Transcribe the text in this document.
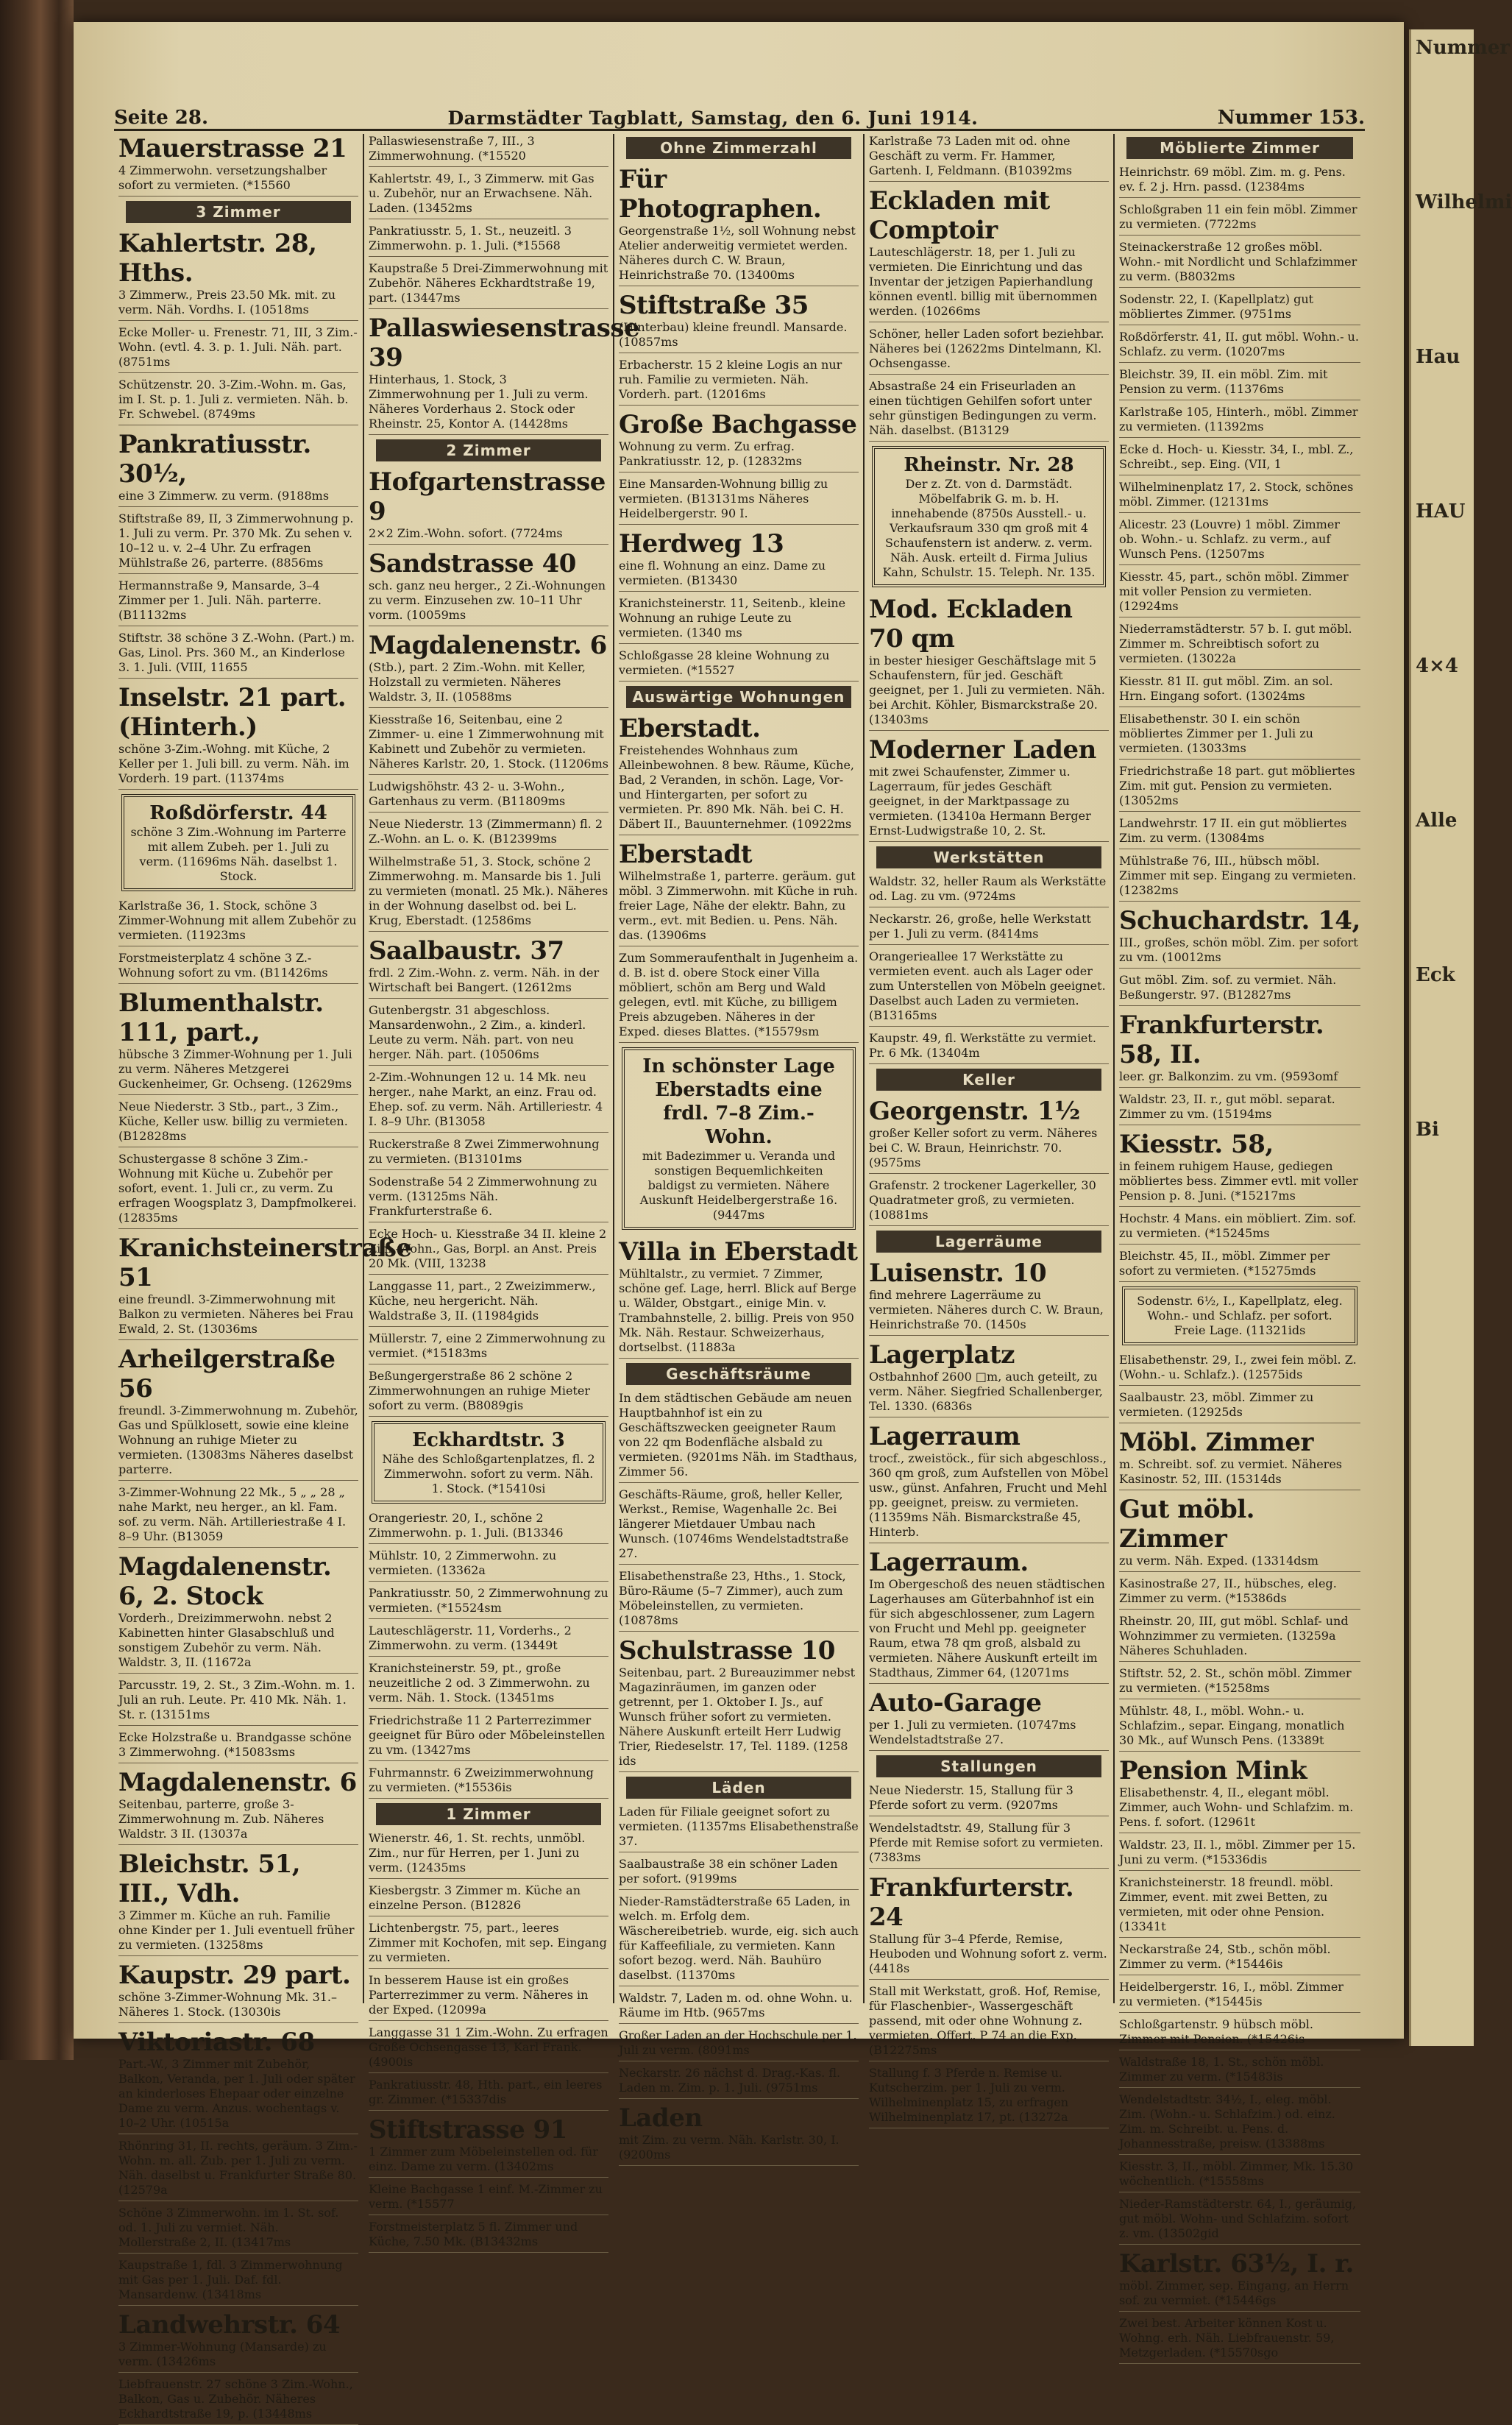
Nummer
Wilhelmi
Hau
HAU
4×4
Alle
Eck
Bi
Seite 28.	Darmstädter Tagblatt, Samstag, den 6. Juni 1914.	Nummer 153.
Mauerstrasse 21
4 Zimmerwohn. versetzungshalber sofort zu vermieten. (*15560
3 Zimmer
Kahlertstr. 28, Hths.
3 Zimmerw., Preis 23.50 Mk. mit. zu verm. Näh. Vordhs. I. (10518ms
Ecke Moller- u. Frenestr. 71, III, 3 Zim.-Wohn. (evtl. 4. 3. p. 1. Juli. Näh. part. (8751ms
Schützenstr. 20. 3-Zim.-Wohn. m. Gas, im I. St. p. 1. Juli z. vermieten. Näh. b. Fr. Schwebel. (8749ms
Pankratiusstr. 30½,
eine 3 Zimmerw. zu verm. (9188ms
Stiftstraße 89, II, 3 Zimmerwohnung p. 1. Juli zu verm. Pr. 370 Mk. Zu sehen v. 10–12 u. v. 2–4 Uhr. Zu erfragen Mühlstraße 26, parterre. (8856ms
Hermannstraße 9, Mansarde, 3–4 Zimmer per 1. Juli. Näh. parterre. (B11132ms
Stiftstr. 38 schöne 3 Z.-Wohn. (Part.) m. Gas, Linol. Prs. 360 M., an Kinderlose 3. 1. Juli. (VIII, 11655
Inselstr. 21 part. (Hinterh.)
schöne 3-Zim.-Wohng. mit Küche, 2 Keller per 1. Juli bill. zu verm. Näh. im Vorderh. 19 part. (11374ms
Roßdörferstr. 44
schöne 3 Zim.-Wohnung im Parterre mit allem Zubeh. per 1. Juli zu verm. (11696ms Näh. daselbst 1. Stock.
Karlstraße 36, 1. Stock, schöne 3 Zimmer-Wohnung mit allem Zubehör zu vermieten. (11923ms
Forstmeisterplatz 4 schöne 3 Z.-Wohnung sofort zu vm. (B11426ms
Blumenthalstr. 111, part.,
hübsche 3 Zimmer-Wohnung per 1. Juli zu verm. Näheres Metzgerei Guckenheimer, Gr. Ochseng. (12629ms
Neue Niederstr. 3 Stb., part., 3 Zim., Küche, Keller usw. billig zu vermieten. (B12828ms
Schustergasse 8 schöne 3 Zim.-Wohnung mit Küche u. Zubehör per sofort, event. 1. Juli cr., zu verm. Zu erfragen Woogsplatz 3, Dampfmolkerei. (12835ms
Kranichsteinerstraße 51
eine freundl. 3-Zimmerwohnung mit Balkon zu vermieten. Näheres bei Frau Ewald, 2. St. (13036ms
Arheilgerstraße 56
freundl. 3-Zimmerwohnung m. Zubehör, Gas und Spülklosett, sowie eine kleine Wohnung an ruhige Mieter zu vermieten. (13083ms Näheres daselbst parterre.
3-Zimmer-Wohnung 22 Mk., 5 „ „ 28 „ nahe Markt, neu herger., an kl. Fam. sof. zu verm. Näh. Artilleriestraße 4 I. 8–9 Uhr. (B13059
Magdalenenstr. 6, 2. Stock
Vorderh., Dreizimmerwohn. nebst 2 Kabinetten hinter Glasabschluß und sonstigem Zubehör zu verm. Näh. Waldstr. 3, II. (11672a
Parcusstr. 19, 2. St., 3 Zim.-Wohn. m. 1. Juli an ruh. Leute. Pr. 410 Mk. Näh. 1. St. r. (13151ms
Ecke Holzstraße u. Brandgasse schöne 3 Zimmerwohng. (*15083sms
Magdalenenstr. 6
Seitenbau, parterre, große 3-Zimmerwohnung m. Zub. Näheres Waldstr. 3 II. (13037a
Bleichstr. 51, III., Vdh.
3 Zimmer m. Küche an ruh. Familie ohne Kinder per 1. Juli eventuell früher zu vermieten. (13258ms
Kaupstr. 29 part.
schöne 3-Zimmer-Wohnung Mk. 31.– Näheres 1. Stock. (13030is
Viktoriastr. 68
Part.-W., 3 Zimmer mit Zubehör, Balkon, Veranda, per 1. Juli oder später an kinderloses Ehepaar oder einzelne Dame zu verm. Anzus. wochentags v. 10–2 Uhr. (10515a
Rhönring 31, II. rechts, geräum. 3 Zim.-Wohn. m. all. Zub. per 1. Juli zu verm. Näh. daselbst u. Frankfurter Straße 80. (12579a
Schöne 3 Zimmerwohn. im 1. St. sof. od. 1. Juli zu vermiet. Näh. Mollerstraße 2, II. (13417ms
Kaupstraße 1, fdl. 3 Zimmerwohnung mit Gas per 1. Juli. Daf. fdl. Mansardenw. (13418ms
Landwehrstr. 64
3 Zimmer-Wohnung (Mansarde) zu verm. (13426ms
Liebfrauenstr. 27 schöne 3 Zim.-Wohn., Balkon, Gas u. Zubehör. Näheres Eckhardtstraße 19, p. (13448ms
Pallaswiesenstraße 7, III., 3 Zimmerwohnung. (*15520
Kahlertstr. 49, I., 3 Zimmerw. mit Gas u. Zubehör, nur an Erwachsene. Näh. Laden. (13452ms
Pankratiusstr. 5, 1. St., neuzeitl. 3 Zimmerwohn. p. 1. Juli. (*15568
Kaupstraße 5 Drei-Zimmerwohnung mit Zubehör. Näheres Eckhardtstraße 19, part. (13447ms
Pallaswiesenstrasse 39
Hinterhaus, 1. Stock, 3 Zimmerwohnung per 1. Juli zu verm. Näheres Vorderhaus 2. Stock oder Rheinstr. 25, Kontor A. (14428ms
2 Zimmer
Hofgartenstrasse 9
2×2 Zim.-Wohn. sofort. (7724ms
Sandstrasse 40
sch. ganz neu herger., 2 Zi.-Wohnungen zu verm. Einzusehen zw. 10–11 Uhr vorm. (10059ms
Magdalenenstr. 6
(Stb.), part. 2 Zim.-Wohn. mit Keller, Holzstall zu vermieten. Näheres Waldstr. 3, II. (10588ms
Kiesstraße 16, Seitenbau, eine 2 Zimmer- u. eine 1 Zimmerwohnung mit Kabinett und Zubehör zu vermieten. Näheres Karlstr. 20, 1. Stock. (11206ms
Ludwigshöhstr. 43 2- u. 3-Wohn., Gartenhaus zu verm. (B11809ms
Neue Niederstr. 13 (Zimmermann) fl. 2 Z.-Wohn. an L. o. K. (B12399ms
Wilhelmstraße 51, 3. Stock, schöne 2 Zimmerwohng. m. Mansarde bis 1. Juli zu vermieten (monatl. 25 Mk.). Näheres in der Wohnung daselbst od. bei L. Krug, Eberstadt. (12586ms
Saalbaustr. 37
frdl. 2 Zim.-Wohn. z. verm. Näh. in der Wirtschaft bei Bangert. (12612ms
Gutenbergstr. 31 abgeschloss. Mansardenwohn., 2 Zim., a. kinderl. Leute zu verm. Näh. part. von neu herger. Näh. part. (10506ms
2-Zim.-Wohnungen 12 u. 14 Mk. neu herger., nahe Markt, an einz. Frau od. Ehep. sof. zu verm. Näh. Artilleriestr. 4 I. 8–9 Uhr. (B13058
Ruckerstraße 8 Zwei Zimmerwohnung zu vermieten. (B13101ms
Sodenstraße 54 2 Zimmerwohnung zu verm. (13125ms Näh. Frankfurterstraße 6.
Ecke Hoch- u. Kiesstraße 34 II. kleine 2 Zim.-Wohn., Gas, Borpl. an Anst. Preis 20 Mk. (VIII, 13238
Langgasse 11, part., 2 Zweizimmerw., Küche, neu hergericht. Näh. Waldstraße 3, II. (11984gids
Müllerstr. 7, eine 2 Zimmerwohnung zu vermiet. (*15183ms
Beßungergerstraße 86 2 schöne 2 Zimmerwohnungen an ruhige Mieter sofort zu verm. (B8089gis
Eckhardtstr. 3
Nähe des Schloßgartenplatzes, fl. 2 Zimmerwohn. sofort zu verm. Näh. 1. Stock. (*15410si
Orangeriestr. 20, I., schöne 2 Zimmerwohn. p. 1. Juli. (B13346
Mühlstr. 10, 2 Zimmerwohn. zu vermieten. (13362a
Pankratiusstr. 50, 2 Zimmerwohnung zu vermieten. (*15524sm
Lauteschlägerstr. 11, Vorderhs., 2 Zimmerwohn. zu verm. (13449t
Kranichsteinerstr. 59, pt., große neuzeitliche 2 od. 3 Zimmerwohn. zu verm. Näh. 1. Stock. (13451ms
Friedrichstraße 11 2 Parterrezimmer geeignet für Büro oder Möbeleinstellen zu vm. (13427ms
Fuhrmannstr. 6 Zweizimmerwohnung zu vermieten. (*15536is
1 Zimmer
Wienerstr. 46, 1. St. rechts, unmöbl. Zim., nur für Herren, per 1. Juni zu verm. (12435ms
Kiesbergstr. 3 Zimmer m. Küche an einzelne Person. (B12826
Lichtenbergstr. 75, part., leeres Zimmer mit Kochofen, mit sep. Eingang zu vermieten.
In besserem Hause ist ein großes Parterrezimmer zu verm. Näheres in der Exped. (12099a
Langgasse 31 1 Zim.-Wohn. Zu erfragen Große Ochsengasse 13, Karl Frank. (4900is
Pankratiusstr. 48, Hth. part., ein leeres gr. Zimmer. (*15337dis
Stiftstrasse 91
1 Zimmer zum Möbeleinstellen od. für einz. Dame zu verm. (13402ms
Kleine Bachgasse 1 einf. M.-Zimmer zu verm. (*15577
Forstmeisterplatz 5 fl. Zimmer und Küche, 7.50 Mk. (B13432ms
Ohne Zimmerzahl
Für Photographen.
Georgenstraße 1½, soll Wohnung nebst Atelier anderweitig vermietet werden. Näheres durch C. W. Braun, Heinrichstraße 70. (13400ms
Stiftstraße 35
(Hinterbau) kleine freundl. Mansarde. (10857ms
Erbacherstr. 15 2 kleine Logis an nur ruh. Familie zu vermieten. Näh. Vorderh. part. (12016ms
Große Bachgasse
Wohnung zu verm. Zu erfrag. Pankratiusstr. 12, p. (12832ms
Eine Mansarden-Wohnung billig zu vermieten. (B13131ms Näheres Heidelbergerstr. 90 I.
Herdweg 13
eine fl. Wohnung an einz. Dame zu vermieten. (B13430
Kranichsteinerstr. 11, Seitenb., kleine Wohnung an ruhige Leute zu vermieten. (1340 ms
Schloßgasse 28 kleine Wohnung zu vermieten. (*15527
Auswärtige Wohnungen
Eberstadt.
Freistehendes Wohnhaus zum Alleinbewohnen. 8 bew. Räume, Küche, Bad, 2 Veranden, in schön. Lage, Vor- und Hintergarten, per sofort zu vermieten. Pr. 890 Mk. Näh. bei C. H. Däbert II., Bauunternehmer. (10922ms
Eberstadt
Wilhelmstraße 1, parterre. geräum. gut möbl. 3 Zimmerwohn. mit Küche in ruh. freier Lage, Nähe der elektr. Bahn, zu verm., evt. mit Bedien. u. Pens. Näh. das. (13906ms
Zum Sommeraufenthalt in Jugenheim a. d. B. ist d. obere Stock einer Villa möbliert, schön am Berg und Wald gelegen, evtl. mit Küche, zu billigem Preis abzugeben. Näheres in der Exped. dieses Blattes. (*15579sm
In schönster Lage Eberstadts eine frdl. 7–8 Zim.-Wohn.
mit Badezimmer u. Veranda und sonstigen Bequemlichkeiten baldigst zu vermieten. Nähere Auskunft Heidelbergerstraße 16. (9447ms
Villa in Eberstadt
Mühltalstr., zu vermiet. 7 Zimmer, schöne gef. Lage, herrl. Blick auf Berge u. Wälder, Obstgart., einige Min. v. Trambahnstelle, 2. billig. Preis von 950 Mk. Näh. Restaur. Schweizerhaus, dortselbst. (11883a
Geschäftsräume
In dem städtischen Gebäude am neuen Hauptbahnhof ist ein zu Geschäftszwecken geeigneter Raum von 22 qm Bodenfläche alsbald zu vermieten. (9201ms Näh. im Stadthaus, Zimmer 56.
Geschäfts-Räume, groß, heller Keller, Werkst., Remise, Wagenhalle 2c. Bei längerer Mietdauer Umbau nach Wunsch. (10746ms Wendelstadtstraße 27.
Elisabethenstraße 23, Hths., 1. Stock, Büro-Räume (5–7 Zimmer), auch zum Möbeleinstellen, zu vermieten. (10878ms
Schulstrasse 10
Seitenbau, part. 2 Bureauzimmer nebst Magazinräumen, im ganzen oder getrennt, per 1. Oktober I. Js., auf Wunsch früher sofort zu vermieten. Nähere Auskunft erteilt Herr Ludwig Trier, Riedeselstr. 17, Tel. 1189. (1258 ids
Läden
Laden für Filiale geeignet sofort zu vermieten. (11357ms Elisabethenstraße 37.
Saalbaustraße 38 ein schöner Laden per sofort. (9199ms
Nieder-Ramstädterstraße 65 Laden, in welch. m. Erfolg dem. Wäschereibetrieb. wurde, eig. sich auch für Kaffeefiliale, zu vermieten. Kann sofort bezog. werd. Näh. Bauhüro daselbst. (11370ms
Waldstr. 7, Laden m. od. ohne Wohn. u. Räume im Htb. (9657ms
Großer Laden an der Hochschule per 1. Juli zu verm. (8091ms
Neckarstr. 26 nächst d. Drag.-Kas. fl. Laden m. Zim. p. 1. Juli. (9751ms
Laden
mit Zim. zu verm. Näh. Karlstr. 30, I. (9200ms
Karlstraße 73 Laden mit od. ohne Geschäft zu verm. Fr. Hammer, Gartenh. I, Feldmann. (B10392ms
Eckladen mit Comptoir
Lauteschlägerstr. 18, per 1. Juli zu vermieten. Die Einrichtung und das Inventar der jetzigen Papierhandlung können eventl. billig mit übernommen werden. (10266ms
Schöner, heller Laden sofort beziehbar. Näheres bei (12622ms Dintelmann, Kl. Ochsengasse.
Absastraße 24 ein Friseurladen an einen tüchtigen Gehilfen sofort unter sehr günstigen Bedingungen zu verm. Näh. daselbst. (B13129
Rheinstr. Nr. 28
Der z. Zt. von d. Darmstädt. Möbelfabrik G. m. b. H. innehabende (8750s Ausstell.- u. Verkaufsraum 330 qm groß mit 4 Schaufenstern ist anderw. z. verm. Näh. Ausk. erteilt d. Firma Julius Kahn, Schulstr. 15. Teleph. Nr. 135.
Mod. Eckladen 70 qm
in bester hiesiger Geschäftslage mit 5 Schaufenstern, für jed. Geschäft geeignet, per 1. Juli zu vermieten. Näh. bei Archit. Köhler, Bismarckstraße 20. (13403ms
Moderner Laden
mit zwei Schaufenster, Zimmer u. Lagerraum, für jedes Geschäft geeignet, in der Marktpassage zu vermieten. (13410a Hermann Berger Ernst-Ludwigstraße 10, 2. St.
Werkstätten
Waldstr. 32, heller Raum als Werkstätte od. Lag. zu vm. (9724ms
Neckarstr. 26, große, helle Werkstatt per 1. Juli zu verm. (8414ms
Orangerieallee 17 Werkstätte zu vermieten event. auch als Lager oder zum Unterstellen von Möbeln geeignet. Daselbst auch Laden zu vermieten. (B13165ms
Kaupstr. 49, fl. Werkstätte zu vermiet. Pr. 6 Mk. (13404m
Keller
Georgenstr. 1½
großer Keller sofort zu verm. Näheres bei C. W. Braun, Heinrichstr. 70. (9575ms
Grafenstr. 2 trockener Lagerkeller, 30 Quadratmeter groß, zu vermieten. (10881ms
Lagerräume
Luisenstr. 10
find mehrere Lagerräume zu vermieten. Näheres durch C. W. Braun, Heinrichstraße 70. (1450s
Lagerplatz
Ostbahnhof 2600 □m, auch geteilt, zu verm. Näher. Siegfried Schallenberger, Tel. 1330. (6836s
Lagerraum
trocf., zweistöck., für sich abgeschloss., 360 qm groß, zum Aufstellen von Möbel usw., günst. Anfahren, Frucht und Mehl pp. geeignet, preisw. zu vermieten. (11359ms Näh. Bismarckstraße 45, Hinterb.
Lagerraum.
Im Obergeschoß des neuen städtischen Lagerhauses am Güterbahnhof ist ein für sich abgeschlossener, zum Lagern von Frucht und Mehl pp. geeigneter Raum, etwa 78 qm groß, alsbald zu vermieten. Nähere Auskunft erteilt im Stadthaus, Zimmer 64, (12071ms
Auto-Garage
per 1. Juli zu vermieten. (10747ms Wendelstadtstraße 27.
Stallungen
Neue Niederstr. 15, Stallung für 3 Pferde sofort zu verm. (9207ms
Wendelstadtstr. 49, Stallung für 3 Pferde mit Remise sofort zu vermieten. (7383ms
Frankfurterstr. 24
Stallung für 3–4 Pferde, Remise, Heuboden und Wohnung sofort z. verm. (4418s
Stall mit Werkstatt, groß. Hof, Remise, für Flaschenbier-, Wassergeschäft passend, mit oder ohne Wohnung z. vermieten. Offert. P 74 an die Exp. (B12275ms
Stallung f. 3 Pferde n. Remise u. Kutscherzim. per 1. Juli zu verm. Wilhelminenplatz 15, zu erfragen Wilhelminenplatz 17, pt. (13272a
Möblierte Zimmer
Heinrichstr. 69 möbl. Zim. m. g. Pens. ev. f. 2 j. Hrn. passd. (12384ms
Schloßgraben 11 ein fein möbl. Zimmer zu vermieten. (7722ms
Steinackerstraße 12 großes möbl. Wohn.- mit Nordlicht und Schlafzimmer zu verm. (B8032ms
Sodenstr. 22, I. (Kapellplatz) gut möbliertes Zimmer. (9751ms
Roßdörferstr. 41, II. gut möbl. Wohn.- u. Schlafz. zu verm. (10207ms
Bleichstr. 39, II. ein möbl. Zim. mit Pension zu verm. (11376ms
Karlstraße 105, Hinterh., möbl. Zimmer zu vermieten. (11392ms
Ecke d. Hoch- u. Kiesstr. 34, I., mbl. Z., Schreibt., sep. Eing. (VII, 1
Wilhelminenplatz 17, 2. Stock, schönes möbl. Zimmer. (12131ms
Alicestr. 23 (Louvre) 1 möbl. Zimmer ob. Wohn.- u. Schlafz. zu verm., auf Wunsch Pens. (12507ms
Kiesstr. 45, part., schön möbl. Zimmer mit voller Pension zu vermieten. (12924ms
Niederramstädterstr. 57 b. I. gut möbl. Zimmer m. Schreibtisch sofort zu vermieten. (13022a
Kiesstr. 81 II. gut möbl. Zim. an sol. Hrn. Eingang sofort. (13024ms
Elisabethenstr. 30 I. ein schön möbliertes Zimmer per 1. Juli zu vermieten. (13033ms
Friedrichstraße 18 part. gut möbliertes Zim. mit gut. Pension zu vermieten. (13052ms
Landwehrstr. 17 II. ein gut möbliertes Zim. zu verm. (13084ms
Mühlstraße 76, III., hübsch möbl. Zimmer mit sep. Eingang zu vermieten. (12382ms
Schuchardstr. 14,
III., großes, schön möbl. Zim. per sofort zu vm. (10012ms
Gut möbl. Zim. sof. zu vermiet. Näh. Beßungerstr. 97. (B12827ms
Frankfurterstr. 58, II.
leer. gr. Balkonzim. zu vm. (9593omf
Waldstr. 23, II. r., gut möbl. separat. Zimmer zu vm. (15194ms
Kiesstr. 58,
in feinem ruhigem Hause, gediegen möbliertes bess. Zimmer evtl. mit voller Pension p. 8. Juni. (*15217ms
Hochstr. 4 Mans. ein möbliert. Zim. sof. zu vermieten. (*15245ms
Bleichstr. 45, II., möbl. Zimmer per sofort zu vermieten. (*15275mds
Sodenstr. 6½, I., Kapellplatz, eleg. Wohn.- und Schlafz. per sofort. Freie Lage. (11321ids
Elisabethenstr. 29, I., zwei fein möbl. Z. (Wohn.- u. Schlafz.). (12575ids
Saalbaustr. 23, möbl. Zimmer zu vermieten. (12925ds
Möbl. Zimmer
m. Schreibt. sof. zu vermiet. Näheres Kasinostr. 52, III. (15314ds
Gut möbl. Zimmer
zu verm. Näh. Exped. (13314dsm
Kasinostraße 27, II., hübsches, eleg. Zimmer zu verm. (*15386ds
Rheinstr. 20, III, gut möbl. Schlaf- und Wohnzimmer zu vermieten. (13259a Näheres Schuhladen.
Stiftstr. 52, 2. St., schön möbl. Zimmer zu vermieten. (*15258ms
Mühlstr. 48, I., möbl. Wohn.- u. Schlafzim., separ. Eingang, monatlich 30 Mk., auf Wunsch Pens. (13389t
Pension Mink
Elisabethenstr. 4, II., elegant möbl. Zimmer, auch Wohn- und Schlafzim. m. Pens. f. sofort. (12961t
Waldstr. 23, II. l., möbl. Zimmer per 15. Juni zu verm. (*15336dis
Kranichsteinerstr. 18 freundl. möbl. Zimmer, event. mit zwei Betten, zu vermieten, mit oder ohne Pension. (13341t
Neckarstraße 24, Stb., schön möbl. Zimmer zu verm. (*15446is
Heidelbergerstr. 16, I., möbl. Zimmer zu vermieten. (*15445is
Schloßgartenstr. 9 hübsch möbl. Zimmer mit Pension. (*15426is
Waldstraße 18, 1. St., schön möbl. Zimmer zu verm. (*15483is
Wendelstadtstr. 34½, I., eleg. möbl. Zim. (Wohn.- u. Schlafzim.) od. einz. Zim. m. Schreibt. u. Pens. d. Johannesstraße, preisw. (13388ms
Kiesstr. 3, II., möbl. Zimmer, Mk. 15.30 wöchentlich. (*15558ms
Nieder-Ramstädterstr. 64, I., geräumig, gut möbl. Wohn- und Schlafzim. sofort z. vm. (13502gid
Karlstr. 63½, I. r.
möbl. Zimmer, sep. Eingang, an Herrn sof. zu vermiet. (*15446gs
Zwei best. Arbeiter können Kost u. Wohng. erh. Näh. Liebfrauenstr. 59, Metzgerladen. (*15570sgo
